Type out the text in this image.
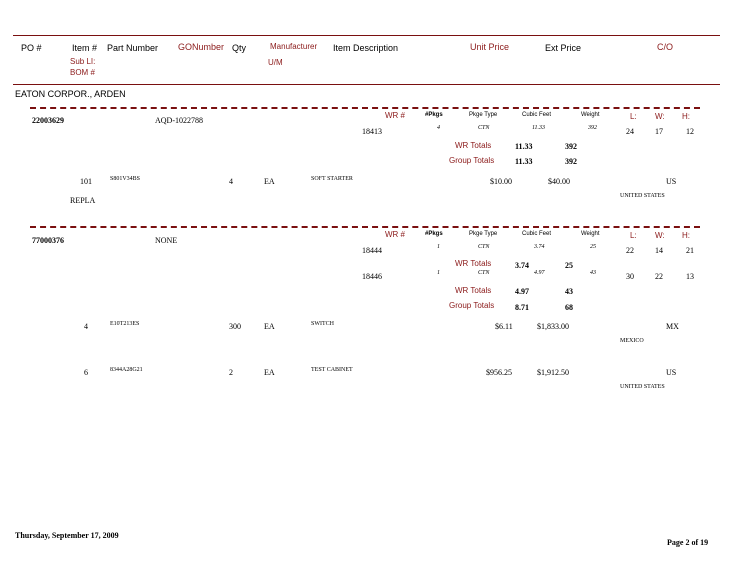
PO #	Item # Part Number GONumber Qty	Manufacturer Item Description	Unit Price	Ext Price	C/O
Sub LI:
BOM #
U/M
EATON CORPOR., ARDEN
22003629	AQD-1022788
WR #	#Pkgs	Pkge Type	Cubic Feet	Weight	L: W: H:
18413	4	CTN	11.33	392	24	17	12
WR Totals	11.33	392
Group Totals	11.33	392
101	S801V34BS	4	EA	SOFT STARTER	$10.00	$40.00	US
UNITED STATES
REPLA
77000376	NONE
WR #	#Pkgs	Pkge Type	Cubic Feet	Weight	L: W: H:
18444	1	CTN	3.74	25	22	14	21
WR Totals	3.74	25
18446	1	CTN	4.97	43	30	22	13
WR Totals	4.97	43
Group Totals	8.71	68
4	E10T213ES	300	EA	SWITCH	$6.11	$1,833.00	MX
MEXICO
6	8344A28G21	2	EA	TEST CABINET	$956.25	$1,912.50	US
UNITED STATES
Thursday, September 17, 2009
Page 2 of 19
